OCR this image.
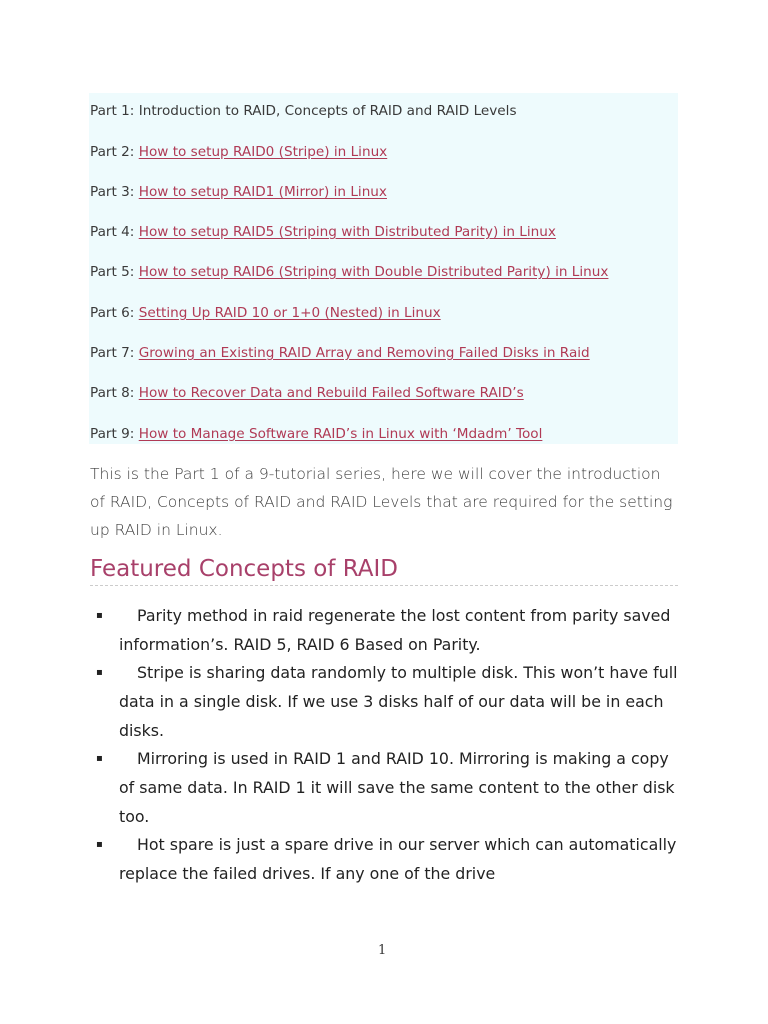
Part 1: Introduction to RAID, Concepts of RAID and RAID Levels
Part 2: How to setup RAID0 (Stripe) in Linux
Part 3: How to setup RAID1 (Mirror) in Linux
Part 4: How to setup RAID5 (Striping with Distributed Parity) in Linux
Part 5: How to setup RAID6 (Striping with Double Distributed Parity) in Linux
Part 6: Setting Up RAID 10 or 1+0 (Nested) in Linux
Part 7: Growing an Existing RAID Array and Removing Failed Disks in Raid
Part 8: How to Recover Data and Rebuild Failed Software RAID’s
Part 9: How to Manage Software RAID’s in Linux with ‘Mdadm’ Tool

This is the Part 1 of a 9-tutorial series, here we will cover the introduction of RAID, Concepts of RAID and RAID Levels that are required for the setting up RAID in Linux.

Featured Concepts of RAID
▪ Parity method in raid regenerate the lost content from parity saved information’s. RAID 5, RAID 6 Based on Parity.
▪ Stripe is sharing data randomly to multiple disk. This won’t have full data in a single disk. If we use 3 disks half of our data will be in each disks.
▪ Mirroring is used in RAID 1 and RAID 10. Mirroring is making a copy of same data. In RAID 1 it will save the same content to the other disk too.
▪ Hot spare is just a spare drive in our server which can automatically replace the failed drives. If any one of the drive
1
